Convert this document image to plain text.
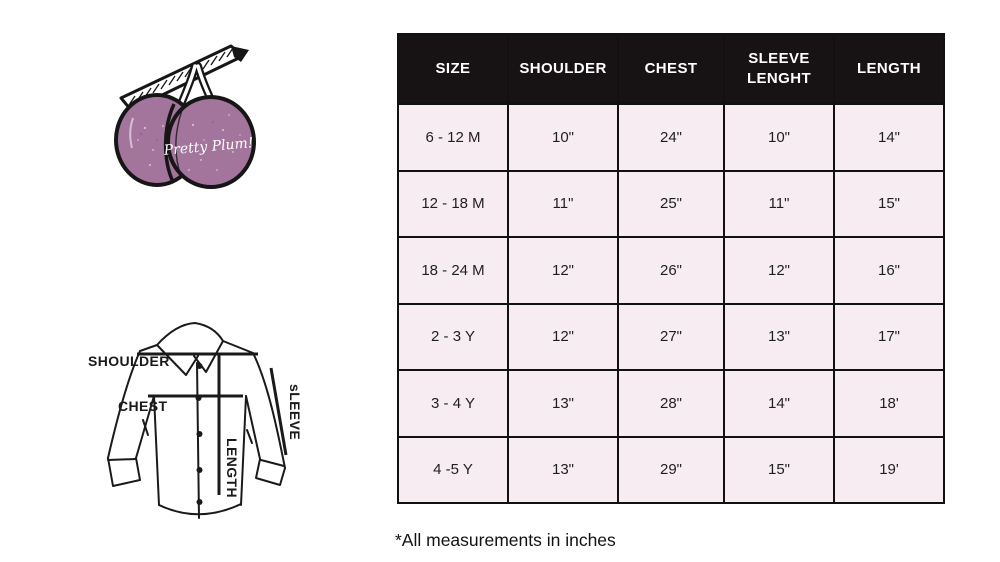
Pretty Plum!
SHOULDER
CHEST
LENGTH
sLEEVE
SIZE	SHOULDER	CHEST	SLEEVE LENGHT	LENGTH
6 - 12 M	10"	24"	10"	14"
12 - 18 M	11"	25"	11"	15"
18 - 24 M	12"	26"	12"	16"
2 - 3 Y	12"	27"	13"	17"
3 - 4 Y	13"	28"	14"	18'
4 -5 Y	13"	29"	15"	19'
*All measurements in inches
